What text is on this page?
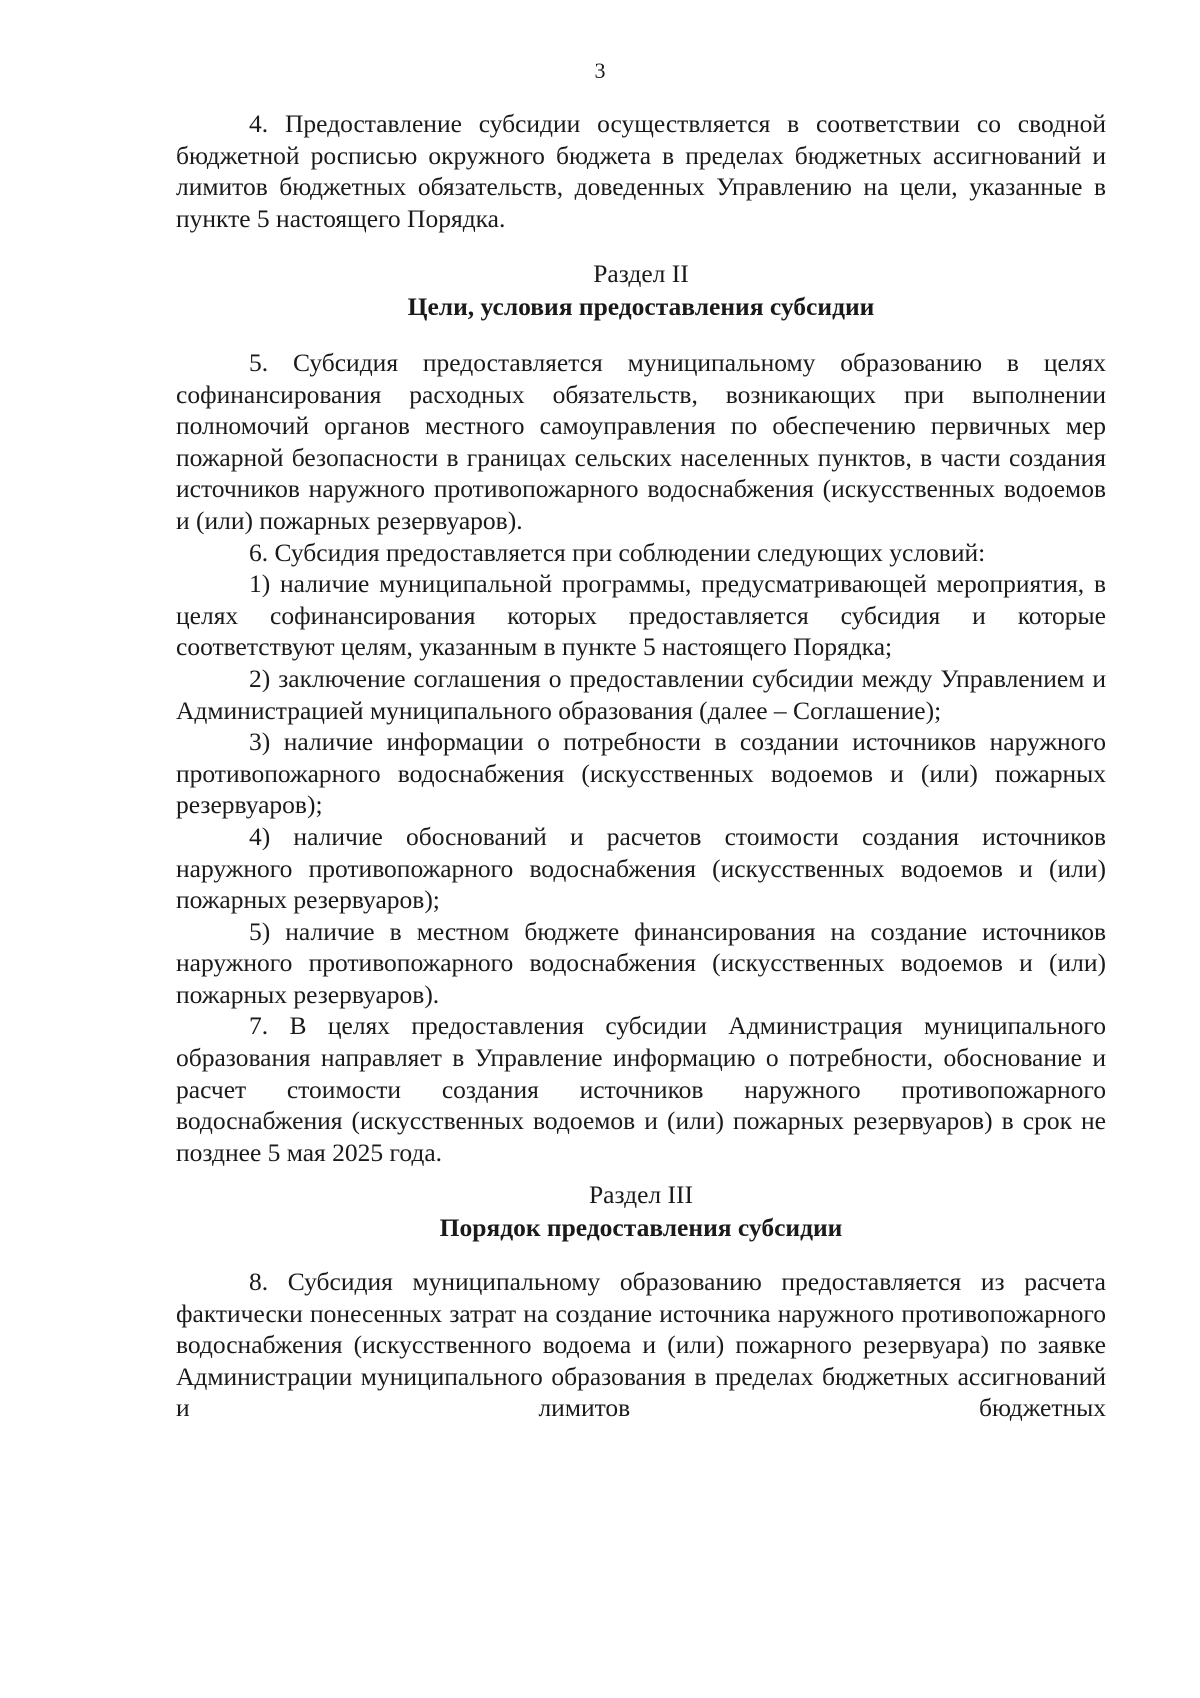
3

4. Предоставление субсидии осуществляется в соответствии со сводной бюджетной росписью окружного бюджета в пределах бюджетных ассигнований и лимитов бюджетных обязательств, доведенных Управлению на цели, указанные в пункте 5 настоящего Порядка.

Раздел II
Цели, условия предоставления субсидии

5. Субсидия предоставляется муниципальному образованию в целях софинансирования расходных обязательств, возникающих при выполнении полномочий органов местного самоуправления по обеспечению первичных мер пожарной безопасности в границах сельских населенных пунктов, в части создания источников наружного противопожарного водоснабжения (искусственных водоемов и (или) пожарных резервуаров).

6. Субсидия предоставляется при соблюдении следующих условий:

1) наличие муниципальной программы, предусматривающей мероприятия, в целях софинансирования которых предоставляется субсидия и которые соответствуют целям, указанным в пункте 5 настоящего Порядка;

2) заключение соглашения о предоставлении субсидии между Управлением и Администрацией муниципального образования (далее – Соглашение);

3) наличие информации о потребности в создании источников наружного противопожарного водоснабжения (искусственных водоемов и (или) пожарных резервуаров);

4) наличие обоснований и расчетов стоимости создания источников наружного противопожарного водоснабжения (искусственных водоемов и (или) пожарных резервуаров);

5) наличие в местном бюджете финансирования на создание источников наружного противопожарного водоснабжения (искусственных водоемов и (или) пожарных резервуаров).

7. В целях предоставления субсидии Администрация муниципального образования направляет в Управление информацию о потребности, обоснование и расчет стоимости создания источников наружного противопожарного водоснабжения (искусственных водоемов и (или) пожарных резервуаров) в срок не позднее 5 мая 2025 года.

Раздел III
Порядок предоставления субсидии

8. Субсидия муниципальному образованию предоставляется из расчета фактически понесенных затрат на создание источника наружного противопожарного водоснабжения (искусственного водоема и (или) пожарного резервуара) по заявке Администрации муниципального образования в пределах бюджетных ассигнований и лимитов бюджетных
